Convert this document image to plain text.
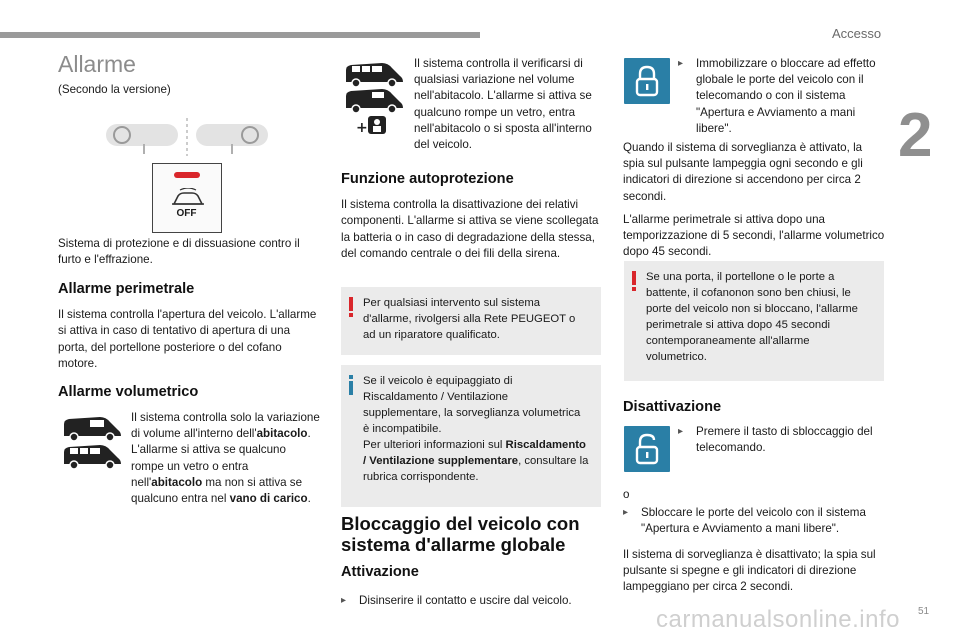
Accesso
2
51
carmanualsonline.info
Allarme

(Secondo la versione)

OFF

Sistema di protezione e di dissuasione contro il furto e l'effrazione.

Allarme perimetrale

Il sistema controlla l'apertura del veicolo. L'allarme si attiva in caso di tentativo di apertura di una porta, del portellone posteriore o del cofano motore.

Allarme volumetrico

Il sistema controlla solo la variazione di volume all'interno dell'abitacolo.

L'allarme si attiva se qualcuno rompe un vetro o entra nell'abitacolo ma non si attiva se qualcuno entra nel vano di carico.

+

Il sistema controlla il verificarsi di qualsiasi variazione nel volume nell'abitacolo. L'allarme si attiva se qualcuno rompe un vetro, entra nell'abitacolo o si sposta all'interno del veicolo.

Funzione autoprotezione

Il sistema controlla la disattivazione dei relativi componenti. L'allarme si attiva se viene scollegata la batteria o in caso di degradazione della stessa, del comando centrale o dei fili della sirena.

Per qualsiasi intervento sul sistema d'allarme, rivolgersi alla Rete PEUGEOT o ad un riparatore qualificato.

Se il veicolo è equipaggiato di Riscaldamento / Ventilazione supplementare, la sorveglianza volumetrica è incompatibile.

Per ulteriori informazioni sul Riscaldamento / Ventilazione supplementare, consultare la rubrica corrispondente.

Bloccaggio del veicolo con sistema d'allarme globale
Attivazione
▸	Disinserire il contatto e uscire dal veicolo.
▸	Immobilizzare o bloccare ad effetto globale le porte del veicolo con il telecomando o con il sistema "Apertura e Avviamento a mani libere".

Quando il sistema di sorveglianza è attivato, la spia sul pulsante lampeggia ogni secondo e gli indicatori di direzione si accendono per circa 2 secondi.

L'allarme perimetrale si attiva dopo una temporizzazione di 5 secondi, l'allarme volumetrico dopo 45 secondi.

Se una porta, il portellone o le porte a battente, il cofanonon sono ben chiusi, le porte del veicolo non si bloccano, l'allarme perimetrale si attiva dopo 45 secondi contemporaneamente all'allarme volumetrico.

Disattivazione
▸	Premere il tasto di sbloccaggio del telecomando.

o

▸	Sbloccare le porte del veicolo con il sistema "Apertura e Avviamento a mani libere".

Il sistema di sorveglianza è disattivato; la spia sul pulsante si spegne e gli indicatori di direzione lampeggiano per circa 2 secondi.
